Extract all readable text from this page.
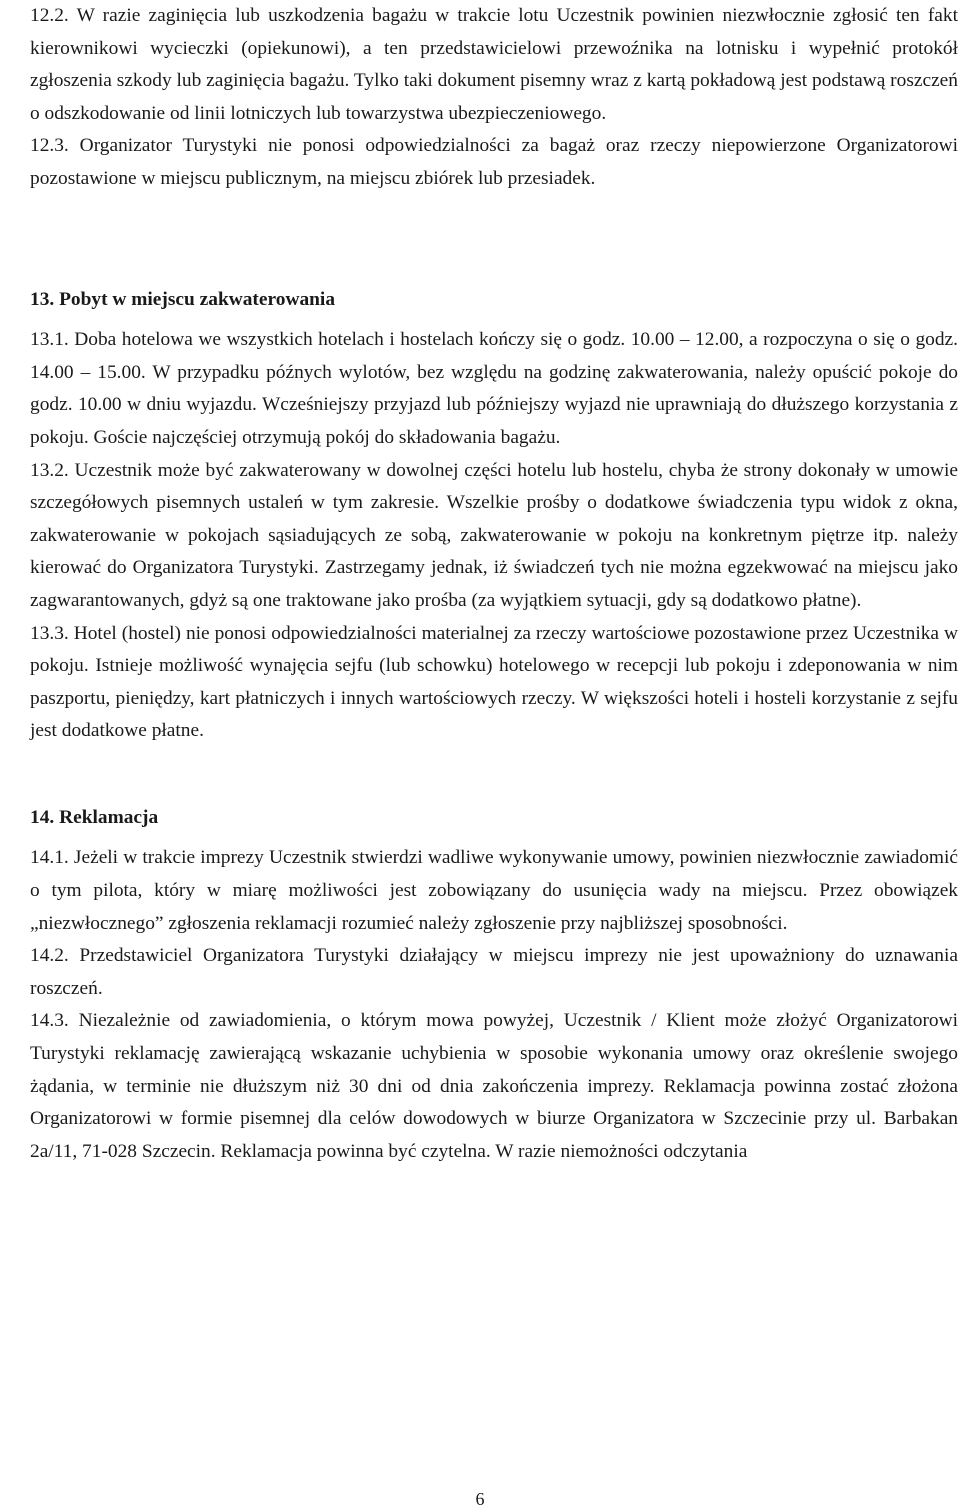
12.2. W razie zaginięcia lub uszkodzenia bagażu w trakcie lotu Uczestnik powinien niezwłocznie zgłosić ten fakt kierownikowi wycieczki (opiekunowi), a ten przedstawicielowi przewoźnika na lotnisku i wypełnić protokół zgłoszenia szkody lub zaginięcia bagażu. Tylko taki dokument pisemny wraz z kartą pokładową jest podstawą roszczeń o odszkodowanie od linii lotniczych lub towarzystwa ubezpieczeniowego.

12.3. Organizator Turystyki nie ponosi odpowiedzialności za bagaż oraz rzeczy niepowierzone Organizatorowi pozostawione w miejscu publicznym, na miejscu zbiórek lub przesiadek.

13. Pobyt w miejscu zakwaterowania

13.1. Doba hotelowa we wszystkich hotelach i hostelach kończy się o godz. 10.00 – 12.00, a rozpoczyna o się o godz. 14.00 – 15.00. W przypadku późnych wylotów, bez względu na godzinę zakwaterowania, należy opuścić pokoje do godz. 10.00 w dniu wyjazdu. Wcześniejszy przyjazd lub późniejszy wyjazd nie uprawniają do dłuższego korzystania z pokoju. Goście najczęściej otrzymują pokój do składowania bagażu.

13.2. Uczestnik może być zakwaterowany w dowolnej części hotelu lub hostelu, chyba że strony dokonały w umowie szczegółowych pisemnych ustaleń w tym zakresie. Wszelkie prośby o dodatkowe świadczenia typu widok z okna, zakwaterowanie w pokojach sąsiadujących ze sobą, zakwaterowanie w pokoju na konkretnym piętrze itp. należy kierować do Organizatora Turystyki. Zastrzegamy jednak, iż świadczeń tych nie można egzekwować na miejscu jako zagwarantowanych, gdyż są one traktowane jako prośba (za wyjątkiem sytuacji, gdy są dodatkowo płatne).

13.3. Hotel (hostel) nie ponosi odpowiedzialności materialnej za rzeczy wartościowe pozostawione przez Uczestnika w pokoju. Istnieje możliwość wynajęcia sejfu (lub schowku) hotelowego w recepcji lub pokoju i zdeponowania w nim paszportu, pieniędzy, kart płatniczych i innych wartościowych rzeczy. W większości hoteli i hosteli korzystanie z sejfu jest dodatkowe płatne.

14. Reklamacja

14.1. Jeżeli w trakcie imprezy Uczestnik stwierdzi wadliwe wykonywanie umowy, powinien niezwłocznie zawiadomić o tym pilota, który w miarę możliwości jest zobowiązany do usunięcia wady na miejscu. Przez obowiązek „niezwłocznego” zgłoszenia reklamacji rozumieć należy zgłoszenie przy najbliższej sposobności.

14.2. Przedstawiciel Organizatora Turystyki działający w miejscu imprezy nie jest upoważniony do uznawania roszczeń.

14.3. Niezależnie od zawiadomienia, o którym mowa powyżej, Uczestnik / Klient może złożyć Organizatorowi Turystyki reklamację zawierającą wskazanie uchybienia w sposobie wykonania umowy oraz określenie swojego żądania, w terminie nie dłuższym niż 30 dni od dnia zakończenia imprezy. Reklamacja powinna zostać złożona Organizatorowi w formie pisemnej dla celów dowodowych w biurze Organizatora w Szczecinie przy ul. Barbakan 2a/11, 71-028 Szczecin. Reklamacja powinna być czytelna. W razie niemożności odczytania

6
